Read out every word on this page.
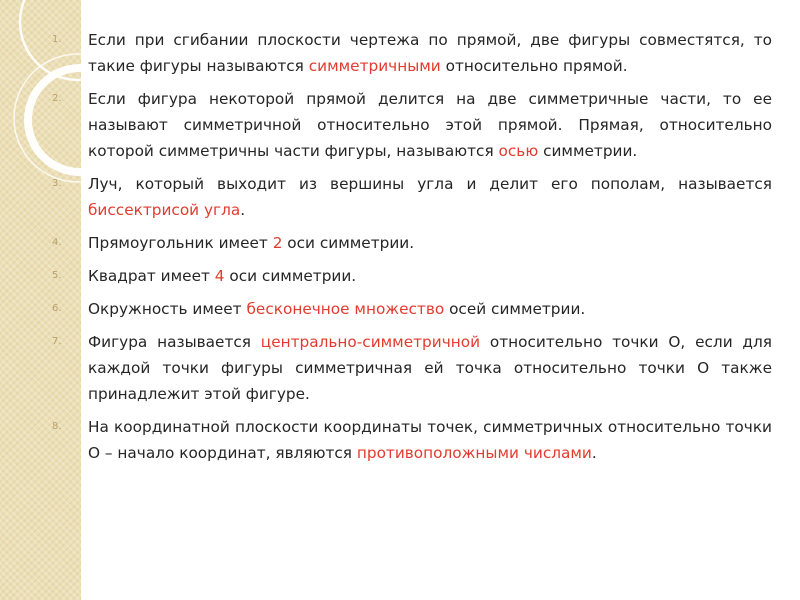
1. Если при сгибании плоскости чертежа по прямой, две фигуры совместятся, то такие фигуры называются симметричными относительно прямой.
2. Если фигура некоторой прямой делится на две симметричные части, то ее называют симметричной относительно этой прямой. Прямая, относительно которой симметричны части фигуры, называются осью симметрии.
3. Луч, который выходит из вершины угла и делит его пополам, называется биссектрисой угла.
4. Прямоугольник имеет 2 оси симметрии.
5. Квадрат имеет 4 оси симметрии.
6. Окружность имеет бесконечное множество осей симметрии.
7. Фигура называется центрально-симметричной относительно точки О, если для каждой точки фигуры симметричная ей точка относительно точки О также принадлежит этой фигуре.
8. На координатной плоскости координаты точек, симметричных относительно точки О – начало координат, являются противоположными числами.
